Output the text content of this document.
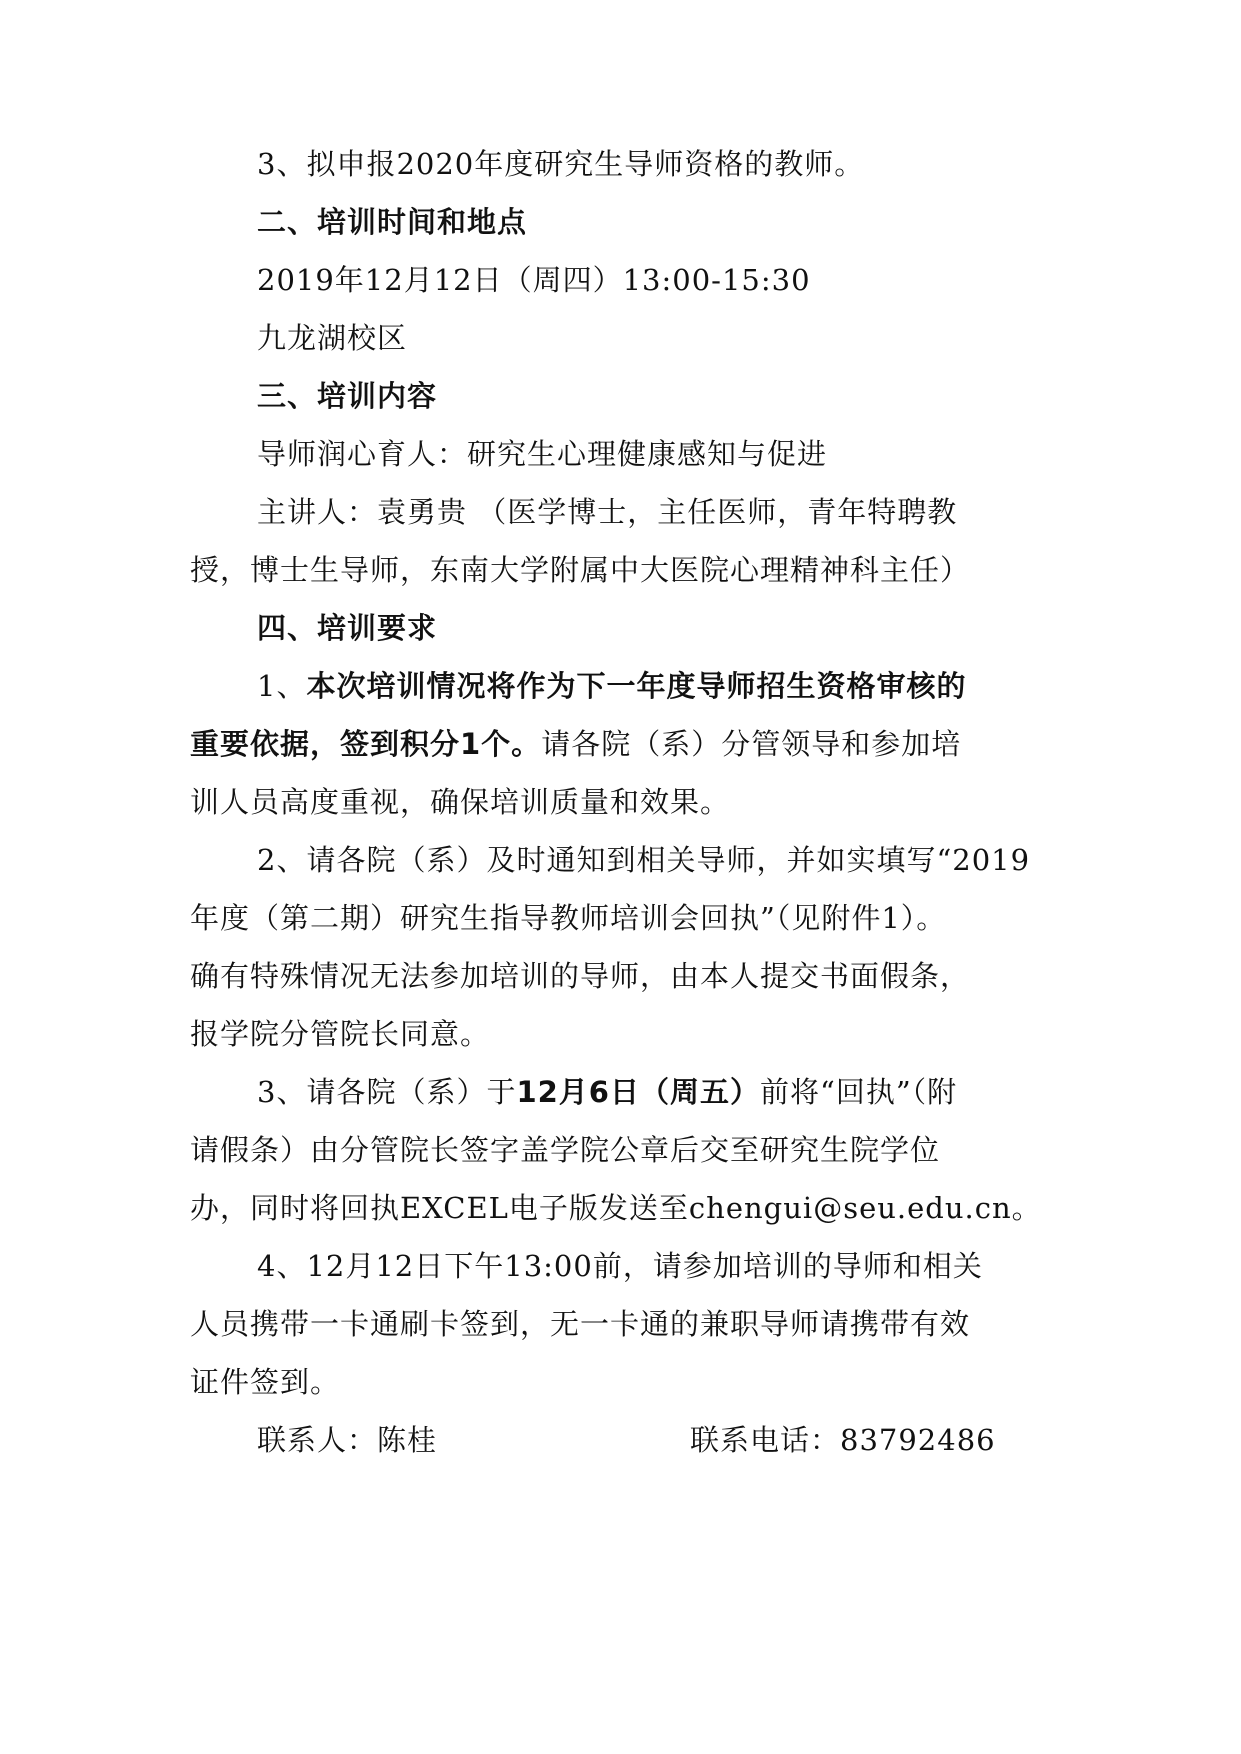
3、拟申报2020年度研究生导师资格的教师。
二、培训时间和地点
2019年12月12日（周四）13:00-15:30
九龙湖校区
三、培训内容
导师润心育人：研究生心理健康感知与促进
主讲人：袁勇贵 （医学博士，主任医师，青年特聘教
授，博士生导师，东南大学附属中大医院心理精神科主任）
四、培训要求
1、本次培训情况将作为下一年度导师招生资格审核的
重要依据，签到积分1个。请各院（系）分管领导和参加培
训人员高度重视，确保培训质量和效果。
2、请各院（系）及时通知到相关导师，并如实填写“2019
年度（第二期）研究生指导教师培训会回执”（见附件1）。
确有特殊情况无法参加培训的导师，由本人提交书面假条，
报学院分管院长同意。
3、请各院（系）于12月6日（周五）前将“回执”（附
请假条）由分管院长签字盖学院公章后交至研究生院学位
办，同时将回执EXCEL电子版发送至chengui@seu.edu.cn。
4、12月12日下午13:00前，请参加培训的导师和相关
人员携带一卡通刷卡签到，无一卡通的兼职导师请携带有效
证件签到。
联系人：陈桂	联系电话：83792486
